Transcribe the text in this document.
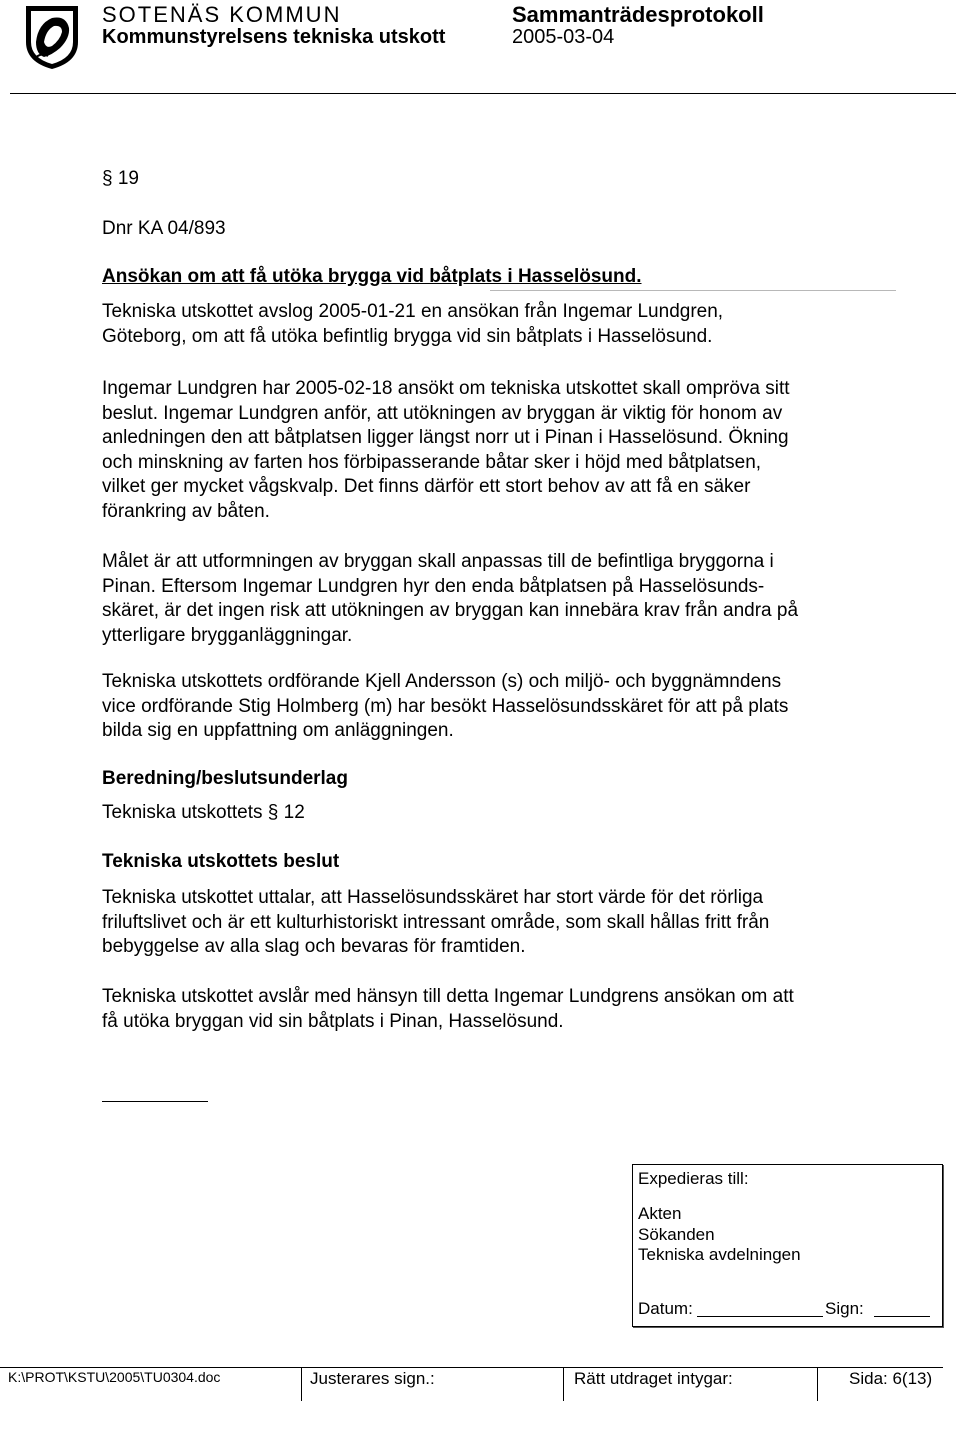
SOTENÄS KOMMUN	Sammanträdesprotokoll
Kommunstyrelsens tekniska utskott	2005-03-04
§ 19
Dnr KA 04/893
Ansökan om att få utöka brygga vid båtplats i Hasselösund.
Tekniska utskottet avslog 2005-01-21 en ansökan från Ingemar Lundgren,
Göteborg, om att få utöka befintlig brygga vid sin båtplats i Hasselösund.
Ingemar Lundgren har 2005-02-18 ansökt om tekniska utskottet skall ompröva sitt
beslut. Ingemar Lundgren anför, att utökningen av bryggan är viktig för honom av
anledningen den att båtplatsen ligger längst norr ut i Pinan i Hasselösund. Ökning
och minskning av farten hos förbipasserande båtar sker i höjd med båtplatsen,
vilket ger mycket vågskvalp. Det finns därför ett stort behov av att få en säker
förankring av båten.
Målet är att utformningen av bryggan skall anpassas till de befintliga bryggorna i
Pinan. Eftersom Ingemar Lundgren hyr den enda båtplatsen på Hasselösunds-
skäret, är det ingen risk att utökningen av bryggan kan innebära krav från andra på
ytterligare brygganläggningar.
Tekniska utskottets ordförande Kjell Andersson (s) och miljö- och byggnämndens
vice ordförande Stig Holmberg (m) har besökt Hasselösundsskäret för att på plats
bilda sig en uppfattning om anläggningen.
Beredning/beslutsunderlag
Tekniska utskottets § 12
Tekniska utskottets beslut
Tekniska utskottet uttalar, att Hasselösundsskäret har stort värde för det rörliga
friluftslivet och är ett kulturhistoriskt intressant område, som skall hållas fritt från
bebyggelse av alla slag och bevaras för framtiden.
Tekniska utskottet avslår med hänsyn till detta Ingemar Lundgrens ansökan om att
få utöka bryggan vid sin båtplats i Pinan, Hasselösund.
Expedieras till:
Akten
Sökanden
Tekniska avdelningen
Datum:	Sign:
K:\PROT\KSTU\2005\TU0304.doc	Justerares sign.:	Rätt utdraget intygar:	Sida: 6(13)
